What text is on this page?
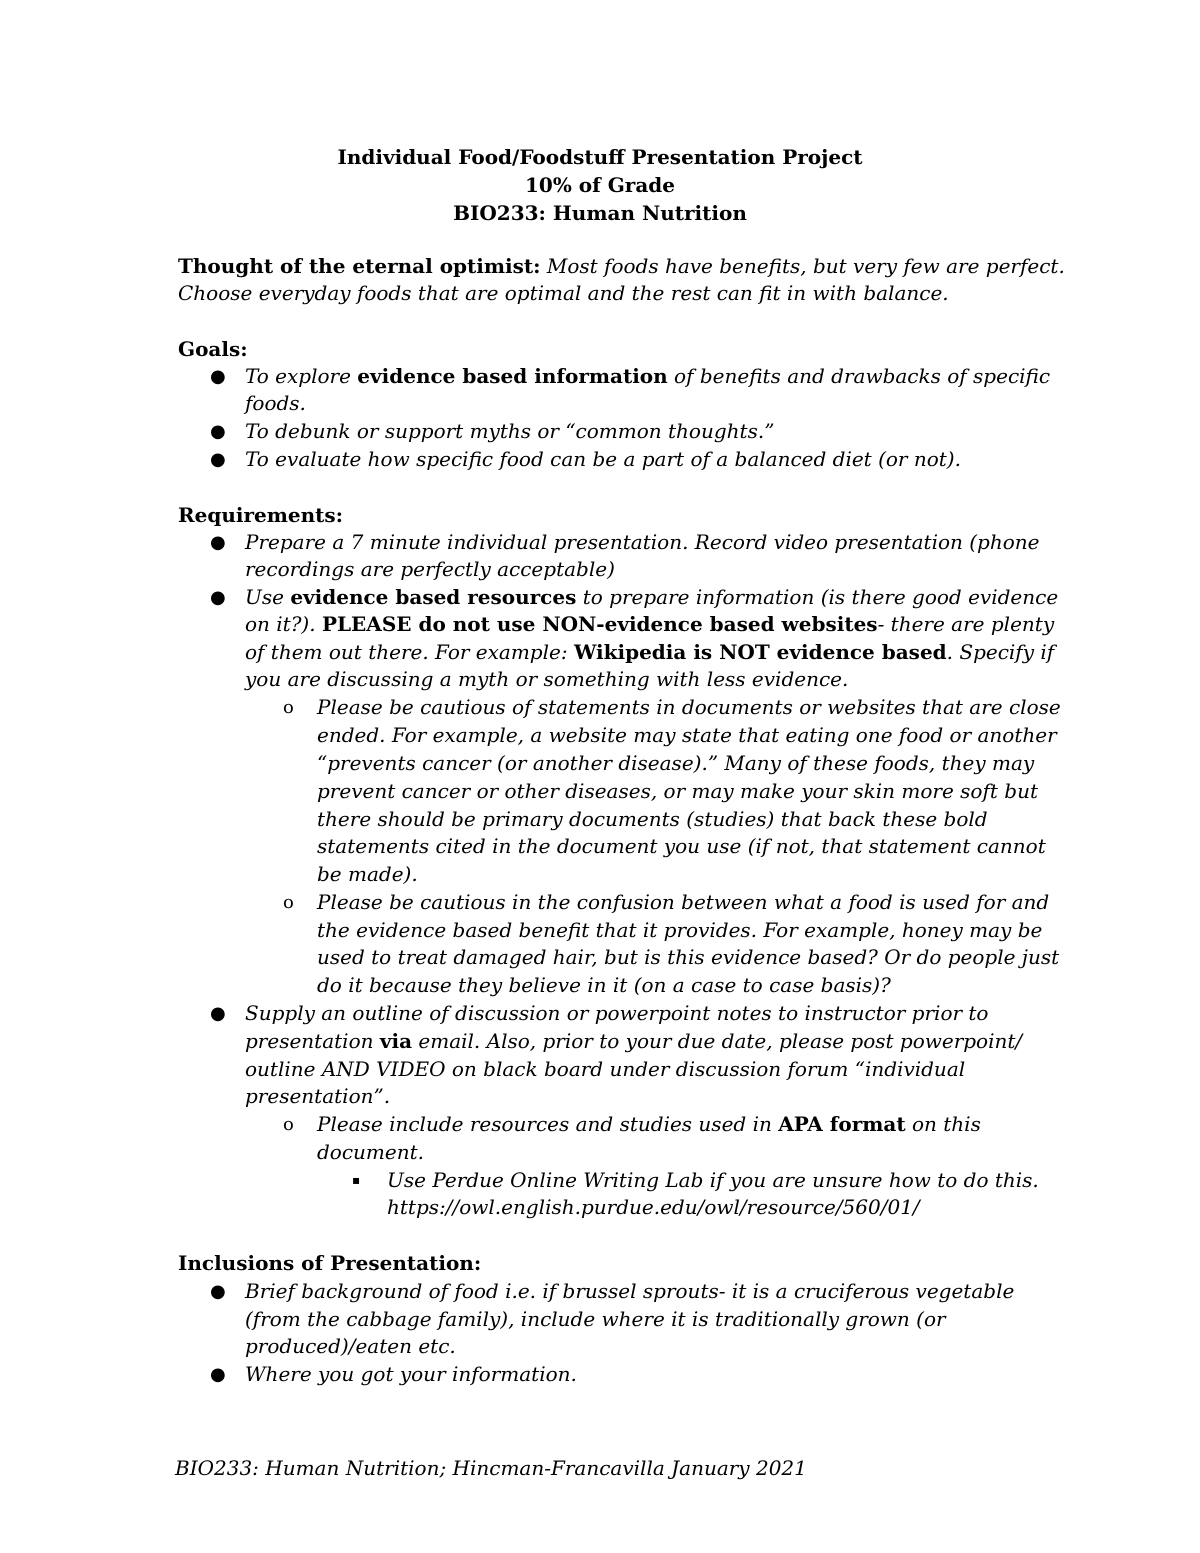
Individual Food/Foodstuff Presentation Project
10% of Grade
BIO233: Human Nutrition
Thought of the eternal optimist: Most foods have benefits, but very few are perfect.
Choose everyday foods that are optimal and the rest can fit in with balance.
Goals:
● To explore evidence based information of benefits and drawbacks of specific
foods.
● To debunk or support myths or “common thoughts.”
● To evaluate how specific food can be a part of a balanced diet (or not).
Requirements:
● Prepare a 7 minute individual presentation. Record video presentation (phone
recordings are perfectly acceptable)
● Use evidence based resources to prepare information (is there good evidence
on it?). PLEASE do not use NON-evidence based websites- there are plenty
of them out there. For example: Wikipedia is NOT evidence based. Specify if
you are discussing a myth or something with less evidence.
o Please be cautious of statements in documents or websites that are close
ended. For example, a website may state that eating one food or another
“prevents cancer (or another disease).” Many of these foods, they may
prevent cancer or other diseases, or may make your skin more soft but
there should be primary documents (studies) that back these bold
statements cited in the document you use (if not, that statement cannot
be made).
o Please be cautious in the confusion between what a food is used for and
the evidence based benefit that it provides. For example, honey may be
used to treat damaged hair, but is this evidence based? Or do people just
do it because they believe in it (on a case to case basis)?
● Supply an outline of discussion or powerpoint notes to instructor prior to
presentation via email. Also, prior to your due date, please post powerpoint/
outline AND VIDEO on black board under discussion forum “individual
presentation”.
o Please include resources and studies used in APA format on this
document.
▪ Use Perdue Online Writing Lab if you are unsure how to do this.
https://owl.english.purdue.edu/owl/resource/560/01/
Inclusions of Presentation:
● Brief background of food i.e. if brussel sprouts- it is a cruciferous vegetable
(from the cabbage family), include where it is traditionally grown (or
produced)/eaten etc.
● Where you got your information.
BIO233: Human Nutrition; Hincman-Francavilla January 2021
